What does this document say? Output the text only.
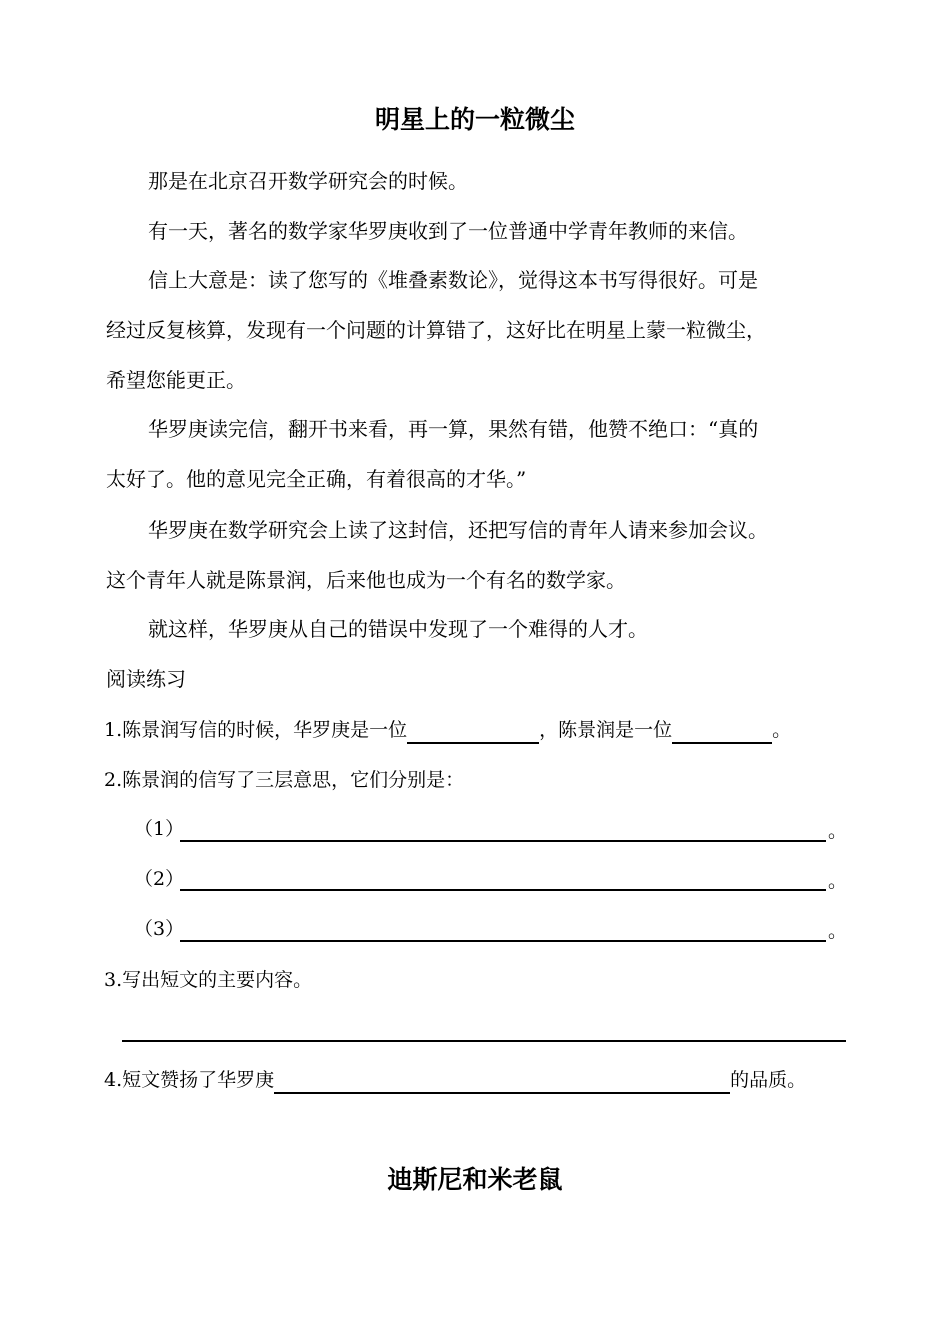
明星上的一粒微尘
那是在北京召开数学研究会的时候。
有一天，著名的数学家华罗庚收到了一位普通中学青年教师的来信。
信上大意是：读了您写的《堆叠素数论》，觉得这本书写得很好。可是
经过反复核算，发现有一个问题的计算错了，这好比在明星上蒙一粒微尘，
希望您能更正。
华罗庚读完信，翻开书来看，再一算，果然有错，他赞不绝口：“真的
太好了。他的意见完全正确，有着很高的才华。”
华罗庚在数学研究会上读了这封信，还把写信的青年人请来参加会议。
这个青年人就是陈景润，后来他也成为一个有名的数学家。
就这样，华罗庚从自己的错误中发现了一个难得的人才。
阅读练习
1.陈景润写信的时候，华罗庚是一位	，陈景润是一位	。
2.陈景润的信写了三层意思，它们分别是：
（1）	。
（2）	。
（3）	。
3.写出短文的主要内容。
4.短文赞扬了华罗庚	的品质。
迪斯尼和米老鼠
